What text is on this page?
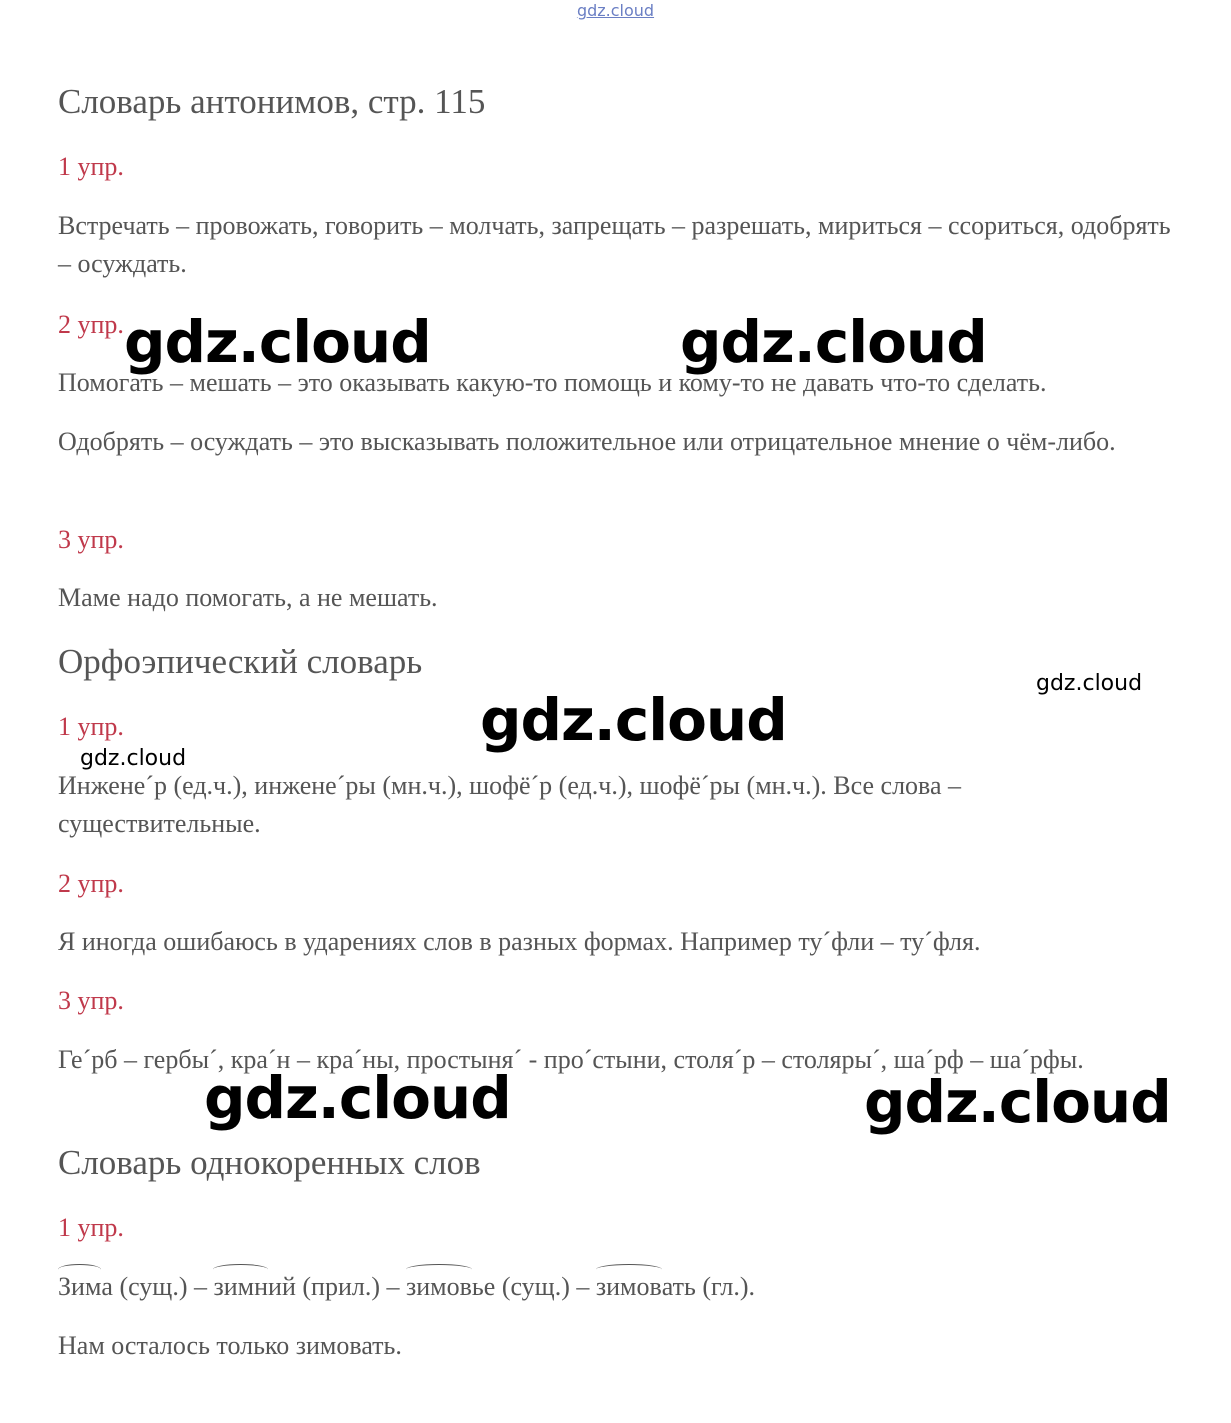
gdz.cloud
Словарь антонимов, стр. 115
1 упр.
Встречать – провожать, говорить – молчать, запрещать – разрешать, мириться – ссориться, одобрять – осуждать.
2 упр.
Помогать – мешать – это оказывать какую-то помощь и кому-то не давать что-то сделать.
Одобрять – осуждать – это высказывать положительное или отрицательное мнение о чём-либо.
3 упр.
Маме надо помогать, а не мешать.
Орфоэпический словарь
1 упр.
Инжене´р (ед.ч.), инжене´ры (мн.ч.), шофё´р (ед.ч.), шофё´ры (мн.ч.). Все слова – существительные.
2 упр.
Я иногда ошибаюсь в ударениях слов в разных формах. Например ту´фли – ту´фля.
3 упр.
Ге´рб – гербы´, кра´н – кра´ны, простыня´ - про´стыни, столя´р – столяры´, ша´рф – ша´рфы.
Словарь однокоренных слов
1 упр.
Зима (сущ.) – зимний (прил.) – зимовье (сущ.) – зимовать (гл.).
Нам осталось только зимовать.
gdz.cloud	gdz.cloud
gdz.cloud
gdz.cloud
gdz.cloud
gdz.cloud	gdz.cloud
